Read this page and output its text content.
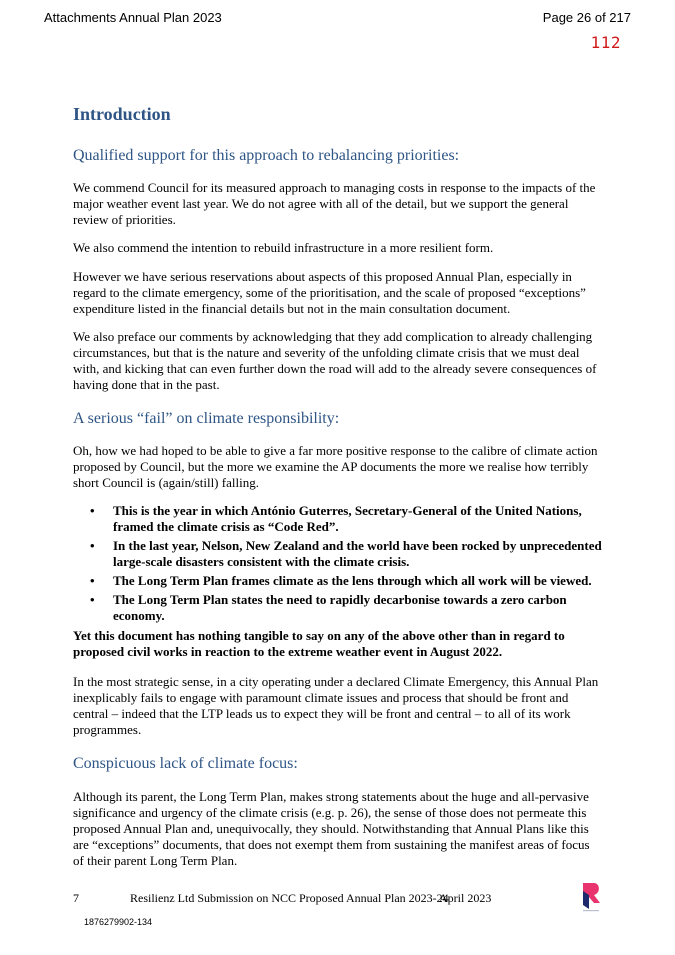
Attachments Annual Plan 2023	Page 26 of 217
112
Introduction
Qualified support for this approach to rebalancing priorities:
We commend Council for its measured approach to managing costs in response to the impacts of the major weather event last year. We do not agree with all of the detail, but we support the general review of priorities.
We also commend the intention to rebuild infrastructure in a more resilient form.
However we have serious reservations about aspects of this proposed Annual Plan, especially in regard to the climate emergency, some of the prioritisation, and the scale of proposed “exceptions” expenditure listed in the financial details but not in the main consultation document.
We also preface our comments by acknowledging that they add complication to already challenging circumstances, but that is the nature and severity of the unfolding climate crisis that we must deal with, and kicking that can even further down the road will add to the already severe consequences of having done that in the past.
A serious “fail” on climate responsibility:
Oh, how we had hoped to be able to give a far more positive response to the calibre of climate action proposed by Council, but the more we examine the AP documents the more we realise how terribly short Council is (again/still) falling.
• This is the year in which António Guterres, Secretary-General of the United Nations, framed the climate crisis as “Code Red”.
• In the last year, Nelson, New Zealand and the world have been rocked by unprecedented large-scale disasters consistent with the climate crisis.
• The Long Term Plan frames climate as the lens through which all work will be viewed.
• The Long Term Plan states the need to rapidly decarbonise towards a zero carbon economy.
Yet this document has nothing tangible to say on any of the above other than in regard to proposed civil works in reaction to the extreme weather event in August 2022.
In the most strategic sense, in a city operating under a declared Climate Emergency, this Annual Plan inexplicably fails to engage with paramount climate issues and process that should be front and central – indeed that the LTP leads us to expect they will be front and central – to all of its work programmes.
Conspicuous lack of climate focus:
Although its parent, the Long Term Plan, makes strong statements about the huge and all-pervasive significance and urgency of the climate crisis (e.g. p. 26), the sense of those does not permeate this proposed Annual Plan and, unequivocally, they should. Notwithstanding that Annual Plans like this are “exceptions” documents, that does not exempt them from sustaining the manifest areas of focus of their parent Long Term Plan.
7	Resilienz Ltd Submission on NCC Proposed Annual Plan 2023-24
April 2023
1876279902-134
